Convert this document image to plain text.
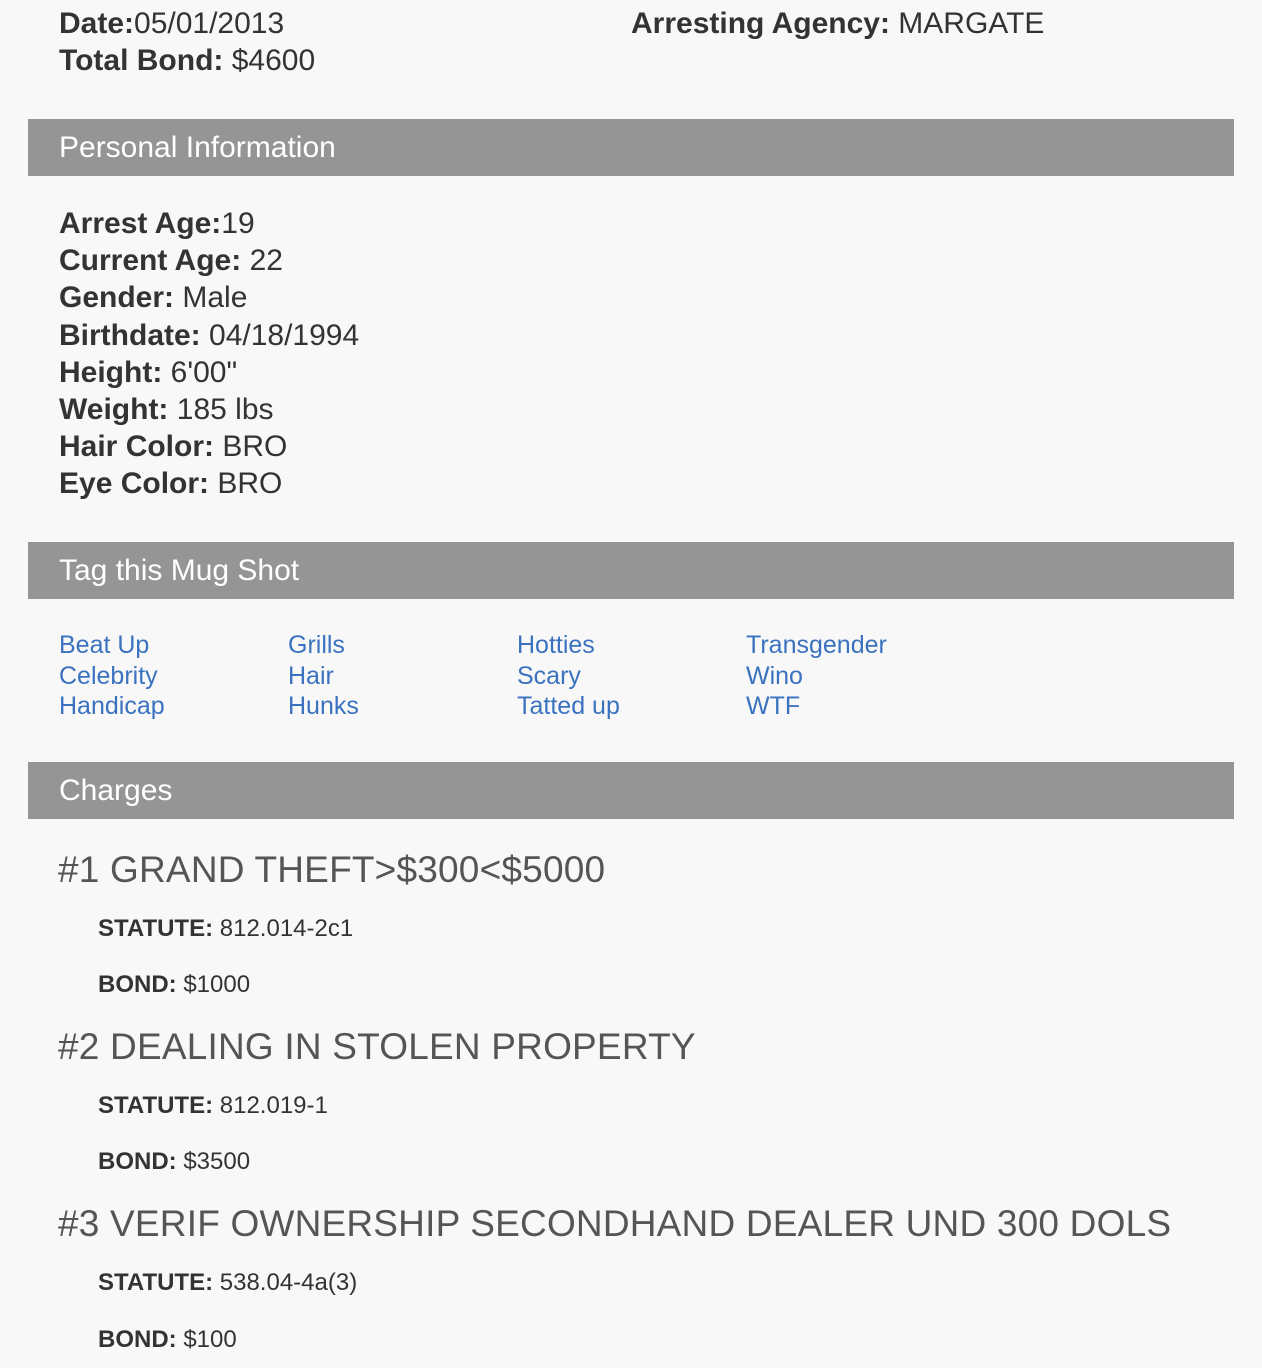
Date:05/01/2013
Total Bond: $4600
Arresting Agency: MARGATE
Personal Information
Arrest Age:19
Current Age: 22
Gender: Male
Birthdate: 04/18/1994
Height: 6'00"
Weight: 185 lbs
Hair Color: BRO
Eye Color: BRO
Tag this Mug Shot
Beat Up
Celebrity
Handicap
Grills
Hair
Hunks
Hotties
Scary
Tatted up
Transgender
Wino
WTF
Charges
#1 GRAND THEFT>$300<$5000
STATUTE: 812.014-2c1
BOND: $1000
#2 DEALING IN STOLEN PROPERTY
STATUTE: 812.019-1
BOND: $3500
#3 VERIF OWNERSHIP SECONDHAND DEALER UND 300 DOLS
STATUTE: 538.04-4a(3)
BOND: $100
